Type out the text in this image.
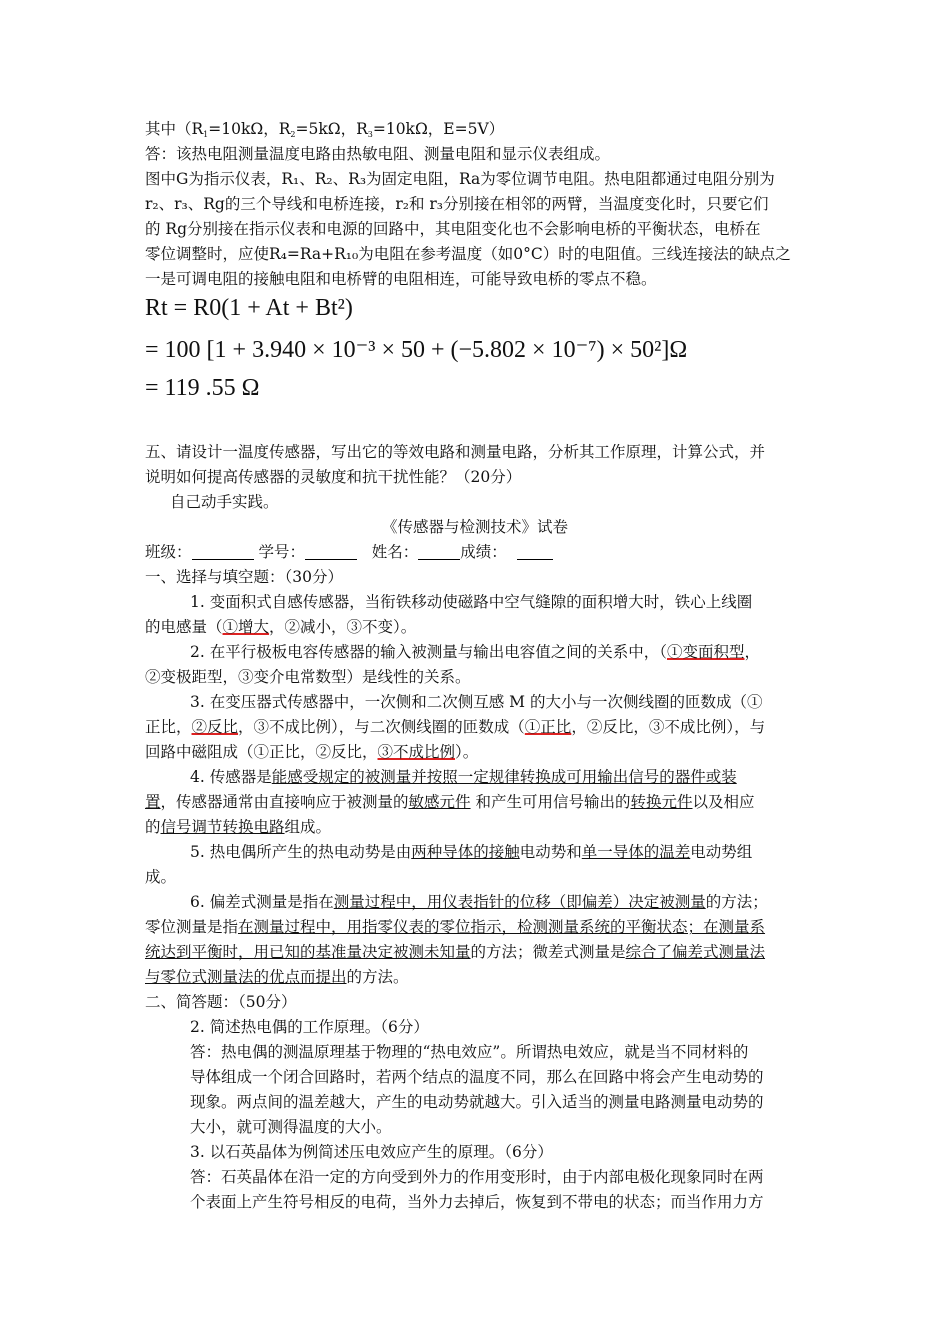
其中（$R_1=10k\Omega$，$R_2=5k\Omega$，$R_3=10k\Omega$，E=5V）
答：该热电阻测量温度电路由热敏电阻、测量电阻和显示仪表组成。
图中G为指示仪表，R₁、R₂、R₃为固定电阻，Ra为零位调节电阻。热电阻都通过电阻分别为
r₂、r₃、Rg的三个导线和电桥连接，r₂和 r₃分别接在相邻的两臂，当温度变化时，只要它们
的 Rg分别接在指示仪表和电源的回路中，其电阻变化也不会影响电桥的平衡状态，电桥在
零位调整时，应使R₄=Ra+R₁₀为电阻在参考温度（如0°C）时的电阻值。三线连接法的缺点之
一是可调电阻的接触电阻和电桥臂的电阻相连，可能导致电桥的零点不稳。
Rt = R0(1 + At + Bt²)
= 100 [1 + 3.940 × 10⁻³ × 50 + (−5.802 × 10⁻⁷) × 50²]Ω
= 119 .55 Ω
五、请设计一温度传感器，写出它的等效电路和测量电路，分析其工作原理，计算公式，并
说明如何提高传感器的灵敏度和抗干扰性能？（20分）
自己动手实践。
《传感器与检测技术》试卷
班级：	学号：	姓名：	成绩：
一、选择与填空题：（30分）
1. 变面积式自感传感器，当衔铁移动使磁路中空气缝隙的面积增大时，铁心上线圈
的电感量（①增大，②减小，③不变）。
2. 在平行极板电容传感器的输入被测量与输出电容值之间的关系中，（①变面积型，
②变极距型，③变介电常数型）是线性的关系。
3. 在变压器式传感器中，一次侧和二次侧互感 M 的大小与一次侧线圈的匝数成（①
正比，②反比，③不成比例），与二次侧线圈的匝数成（①正比，②反比，③不成比例），与
回路中磁阻成（①正比，②反比，③不成比例）。
4. 传感器是能感受规定的被测量并按照一定规律转换成可用输出信号的器件或装
置，传感器通常由直接响应于被测量的敏感元件 和产生可用信号输出的转换元件以及相应
的信号调节转换电路组成。
5. 热电偶所产生的热电动势是由两种导体的接触电动势和单一导体的温差电动势组
成。
6. 偏差式测量是指在测量过程中，用仪表指针的位移（即偏差）决定被测量的方法；
零位测量是指在测量过程中，用指零仪表的零位指示，检测测量系统的平衡状态；在测量系
统达到平衡时，用已知的基准量决定被测未知量的方法；微差式测量是综合了偏差式测量法
与零位式测量法的优点而提出的方法。
二、简答题：（50分）
2. 简述热电偶的工作原理。（6分）
答：热电偶的测温原理基于物理的“热电效应”。所谓热电效应，就是当不同材料的
导体组成一个闭合回路时，若两个结点的温度不同，那么在回路中将会产生电动势的
现象。两点间的温差越大，产生的电动势就越大。引入适当的测量电路测量电动势的
大小，就可测得温度的大小。
3. 以石英晶体为例简述压电效应产生的原理。（6分）
答：石英晶体在沿一定的方向受到外力的作用变形时，由于内部电极化现象同时在两
个表面上产生符号相反的电荷，当外力去掉后，恢复到不带电的状态；而当作用力方
